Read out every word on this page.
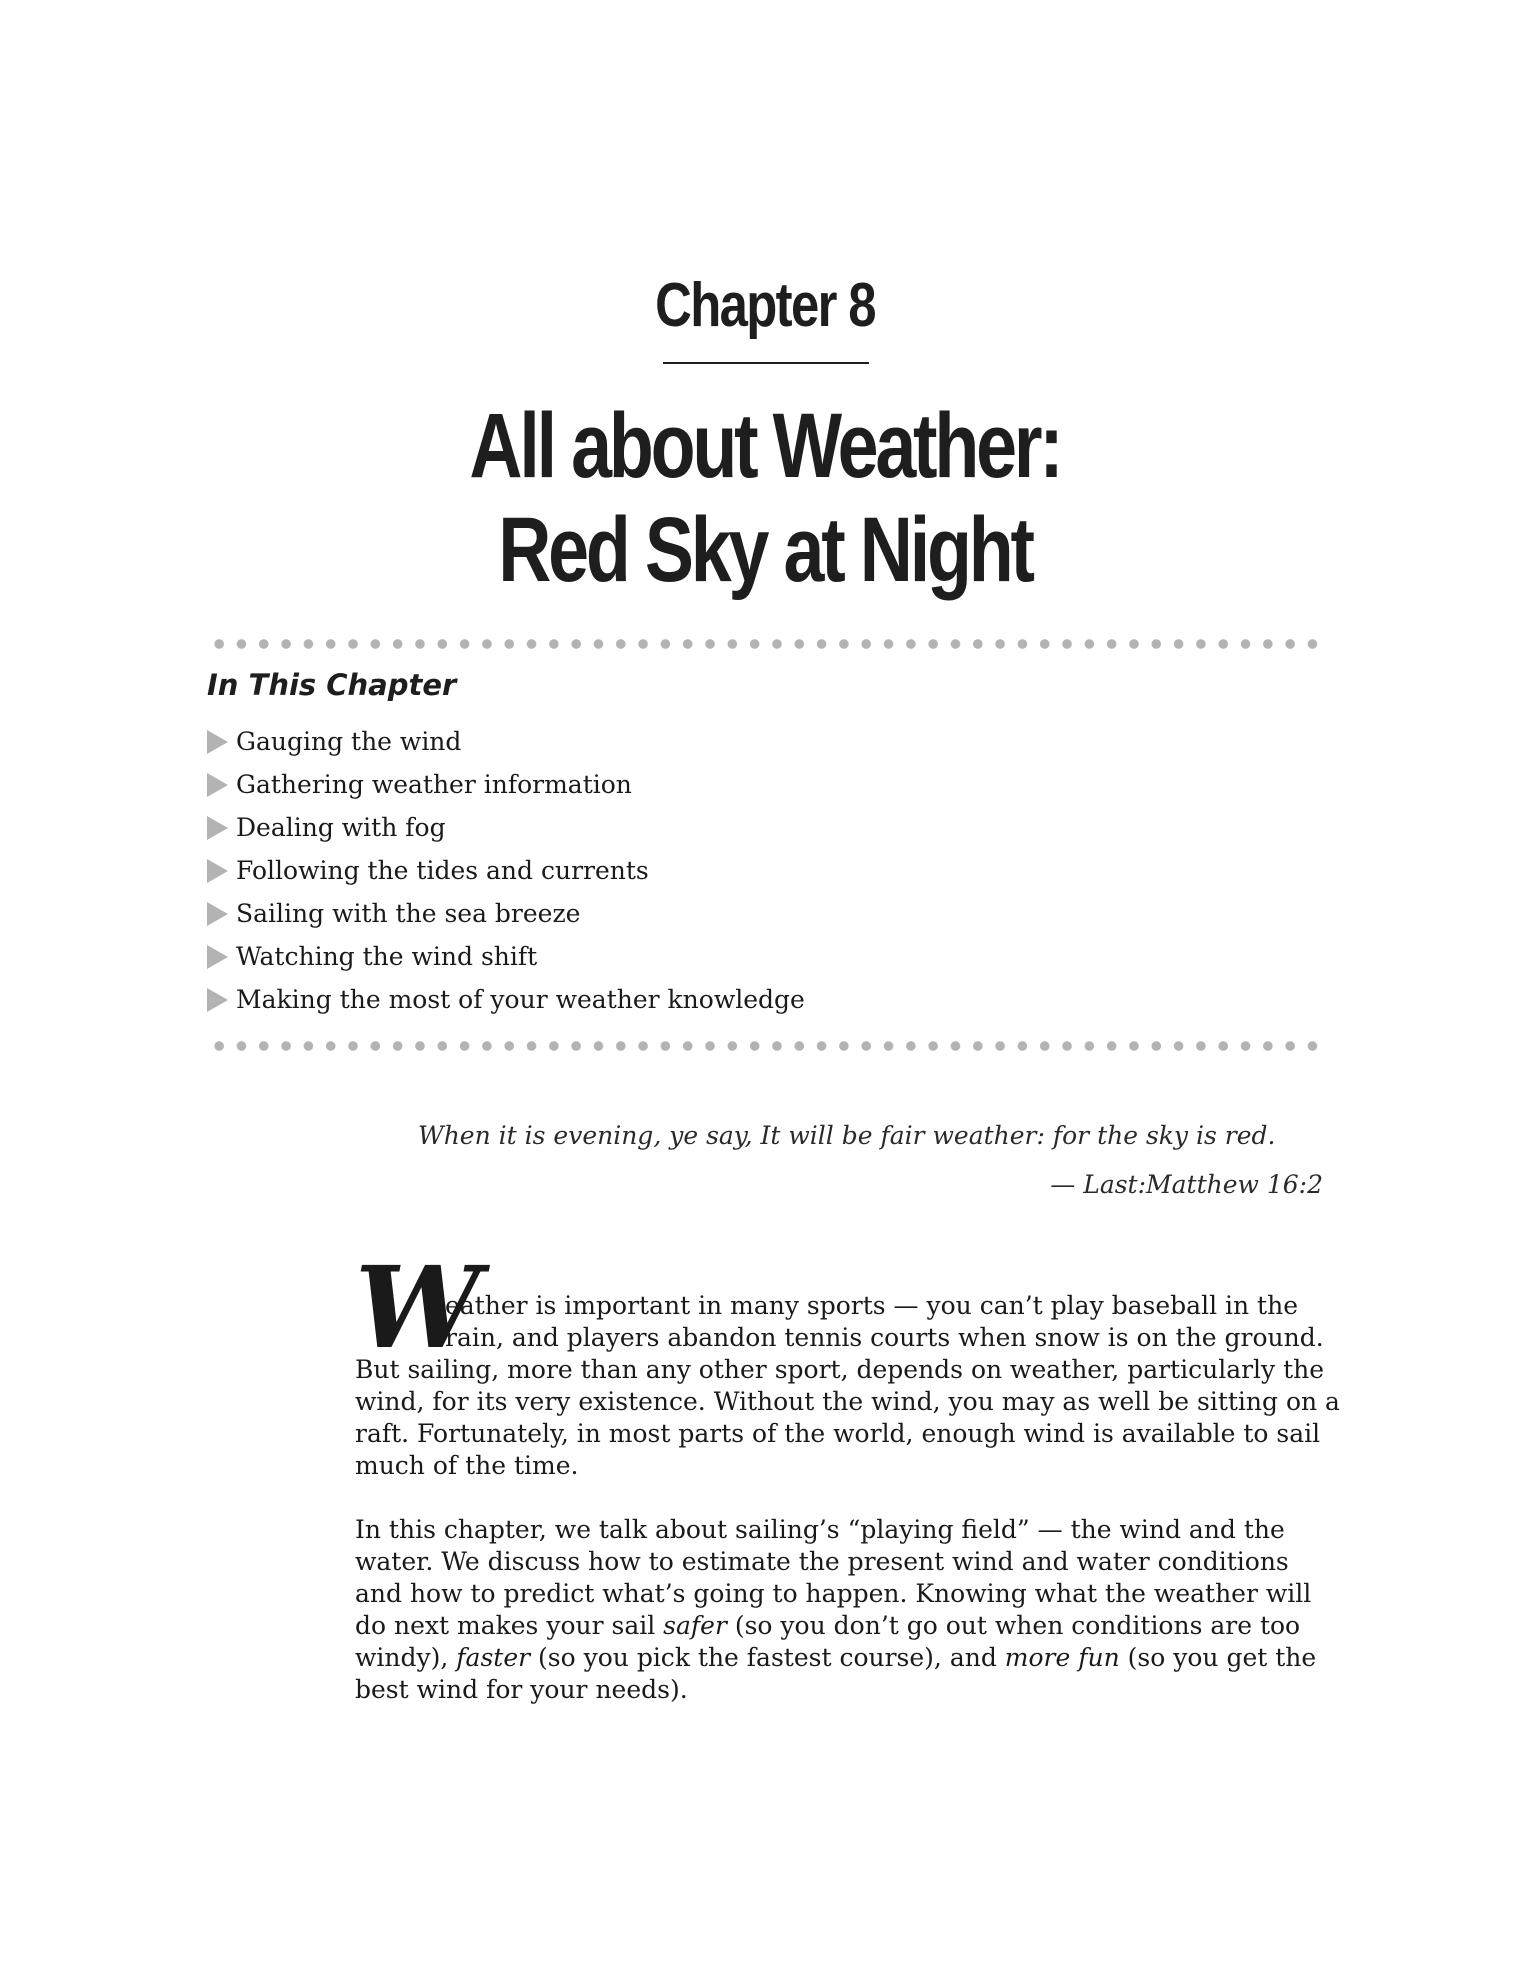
Chapter 8
All about Weather:
Red Sky at Night
In This Chapter
Gauging the wind
Gathering weather information
Dealing with fog
Following the tides and currents
Sailing with the sea breeze
Watching the wind shift
Making the most of your weather knowledge
When it is evening, ye say, It will be fair weather: for the sky is red.
— Last:Matthew 16:2
W
eather is important in many sports — you can’t play baseball in the
rain, and players abandon tennis courts when snow is on the ground.
But sailing, more than any other sport, depends on weather, particularly the
wind, for its very existence. Without the wind, you may as well be sitting on a
raft. Fortunately, in most parts of the world, enough wind is available to sail
much of the time.
In this chapter, we talk about sailing’s “playing field” — the wind and the
water. We discuss how to estimate the present wind and water conditions
and how to predict what’s going to happen. Knowing what the weather will
do next makes your sail safer (so you don’t go out when conditions are too
windy), faster (so you pick the fastest course), and more fun (so you get the
best wind for your needs).
